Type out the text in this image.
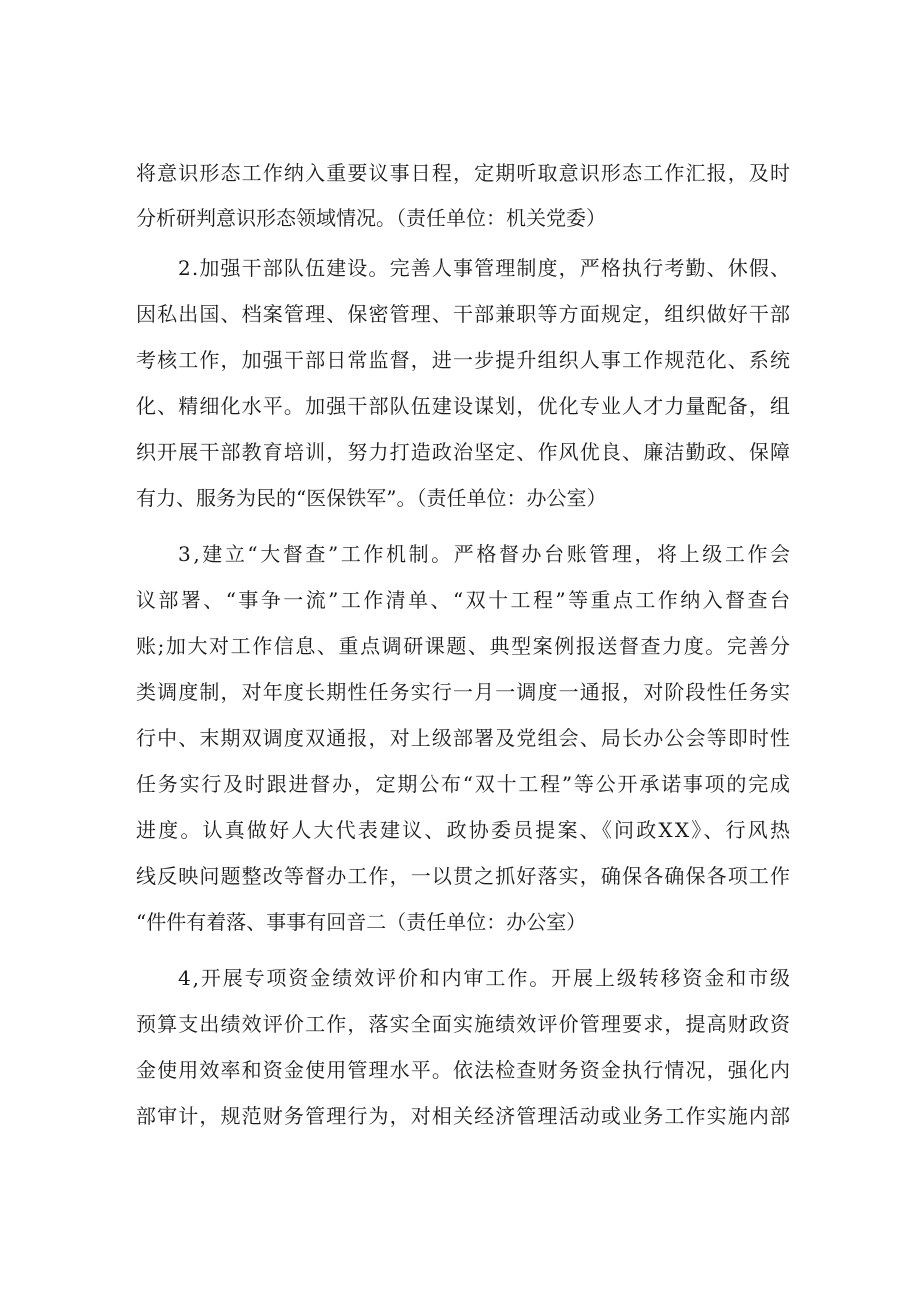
将意识形态工作纳入重要议事日程，定期听取意识形态工作汇报，及时
分析研判意识形态领域情况。（责任单位：机关党委）
2.加强干部队伍建设。完善人事管理制度，严格执行考勤、休假、
因私出国、档案管理、保密管理、干部兼职等方面规定，组织做好干部
考核工作，加强干部日常监督，进一步提升组织人事工作规范化、系统
化、精细化水平。加强干部队伍建设谋划，优化专业人才力量配备，组
织开展干部教育培训，努力打造政治坚定、作风优良、廉洁勤政、保障
有力、服务为民的“医保铁军”。（责任单位：办公室）
3,建立“大督查”工作机制。严格督办台账管理，将上级工作会
议部署、“事争一流”工作清单、“双十工程”等重点工作纳入督查台
账;加大对工作信息、重点调研课题、典型案例报送督查力度。完善分
类调度制，对年度长期性任务实行一月一调度一通报，对阶段性任务实
行中、末期双调度双通报，对上级部署及党组会、局长办公会等即时性
任务实行及时跟进督办，定期公布“双十工程”等公开承诺事项的完成
进度。认真做好人大代表建议、政协委员提案、《问政XX》、行风热
线反映问题整改等督办工作，一以贯之抓好落实，确保各确保各项工作
“件件有着落、事事有回音二（责任单位：办公室）
4,开展专项资金绩效评价和内审工作。开展上级转移资金和市级
预算支出绩效评价工作，落实全面实施绩效评价管理要求，提高财政资
金使用效率和资金使用管理水平。依法检查财务资金执行情况，强化内
部审计，规范财务管理行为，对相关经济管理活动或业务工作实施内部
